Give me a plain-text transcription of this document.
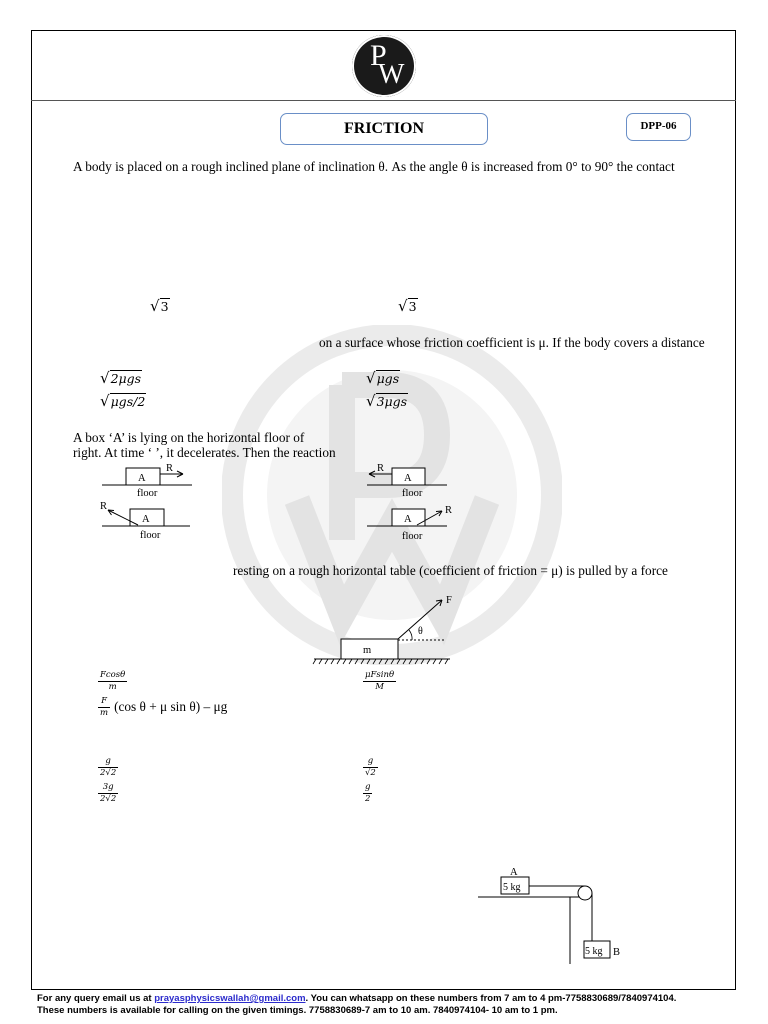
P
W
FRICTION	DPP-06
A body is placed on a rough inclined plane of inclination θ. As the angle θ is increased from 0° to 90° the contact
√3	√3
on a surface whose friction coefficient is μ. If the body covers a distance
√2μgs	√μgs
√μgs/2	√3μgs
A box ‘A’ is lying on the horizontal floor of
right. At time ‘ ’, it decelerates. Then the reaction
A
R
floor
A
R
floor
A
R
floor
A
R
floor
resting on a rough horizontal table (coefficient of friction = μ) is pulled by a force
m
F
θ
$\frac{Fcos\theta}{m}$	$\frac{\mu Fsin\theta}{M}$
$\frac{F}{m} (\cos$ θ + μ sin θ) – μg
$\frac{g}{2√2}$	$\frac{g}{√2}$
$\frac{3g}{2√2}$	$\frac{g}{2}$
5 kg
A
5 kg B
For any query email us at prayasphysicswallah@gmail.com. You can whatsapp on these numbers from 7 am to 4 pm-7758830689/7840974104.
These numbers is available for calling on the given timings. 7758830689-7 am to 10 am. 7840974104- 10 am to 1 pm.
